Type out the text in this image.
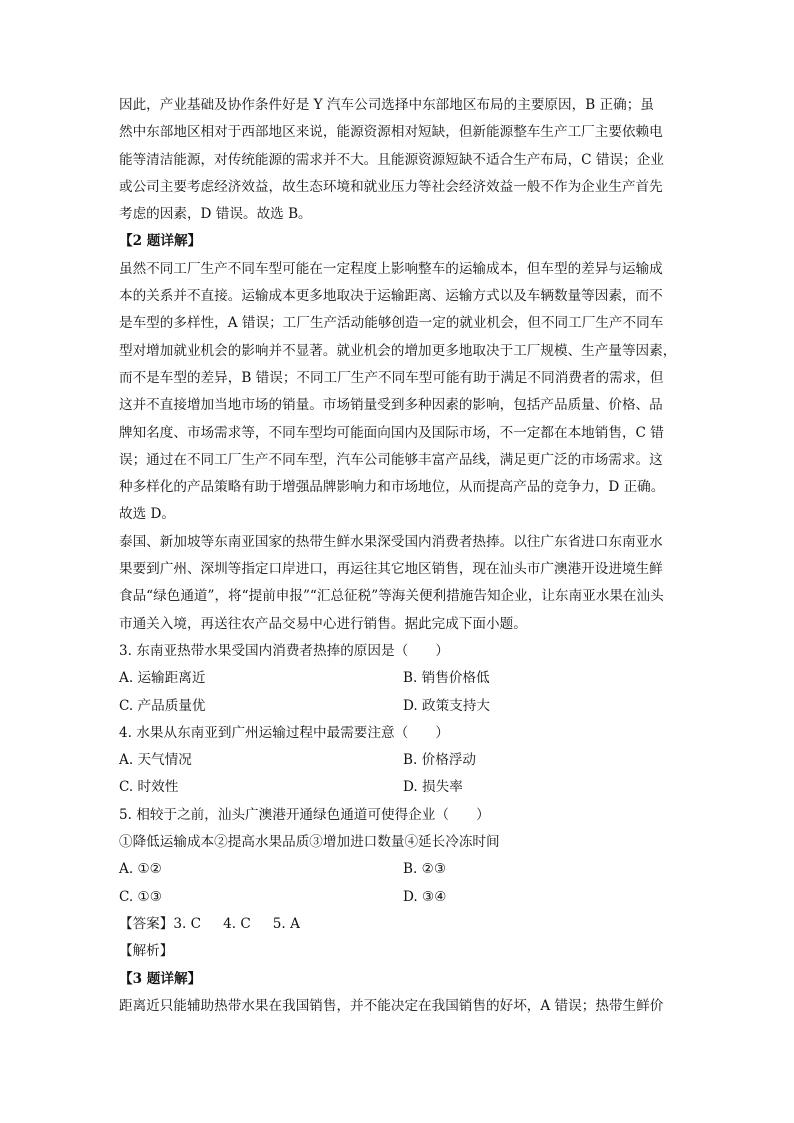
因此，产业基础及协作条件好是 Y 汽车公司选择中东部地区布局的主要原因，B 正确；虽
然中东部地区相对于西部地区来说，能源资源相对短缺，但新能源整车生产工厂主要依赖电
能等清洁能源，对传统能源的需求并不大。且能源资源短缺不适合生产布局，C 错误；企业
或公司主要考虑经济效益，故生态环境和就业压力等社会经济效益一般不作为企业生产首先
考虑的因素，D 错误。故选 B。
【2 题详解】
虽然不同工厂生产不同车型可能在一定程度上影响整车的运输成本，但车型的差异与运输成
本的关系并不直接。运输成本更多地取决于运输距离、运输方式以及车辆数量等因素，而不
是车型的多样性，A 错误；工厂生产活动能够创造一定的就业机会，但不同工厂生产不同车
型对增加就业机会的影响并不显著。就业机会的增加更多地取决于工厂规模、生产量等因素，
而不是车型的差异，B 错误；不同工厂生产不同车型可能有助于满足不同消费者的需求，但
这并不直接增加当地市场的销量。市场销量受到多种因素的影响，包括产品质量、价格、品
牌知名度、市场需求等，不同车型均可能面向国内及国际市场，不一定都在本地销售，C 错
误；通过在不同工厂生产不同车型，汽车公司能够丰富产品线，满足更广泛的市场需求。这
种多样化的产品策略有助于增强品牌影响力和市场地位，从而提高产品的竞争力，D 正确。
故选 D。
泰国、新加坡等东南亚国家的热带生鲜水果深受国内消费者热捧。以往广东省进口东南亚水
果要到广州、深圳等指定口岸进口，再运往其它地区销售，现在汕头市广澳港开设进境生鲜
食品“绿色通道”，将“提前申报”“汇总征税”等海关便利措施告知企业，让东南亚水果在汕头
市通关入境，再送往农产品交易中心进行销售。据此完成下面小题。
3. 东南亚热带水果受国内消费者热捧的原因是（　　）
A. 运输距离近	B. 销售价格低
C. 产品质量优	D. 政策支持大
4. 水果从东南亚到广州运输过程中最需要注意（　　）
A. 天气情况	B. 价格浮动
C. 时效性	D. 损失率
5. 相较于之前，汕头广澳港开通绿色通道可使得企业（　　）
①降低运输成本②提高水果品质③增加进口数量④延长冷冻时间
A. ①②	B. ②③
C. ①③	D. ③④
【答案】3. C 4. C 5. A
【解析】
【3 题详解】
距离近只能辅助热带水果在我国销售，并不能决定在我国销售的好坏，A 错误；热带生鲜价
